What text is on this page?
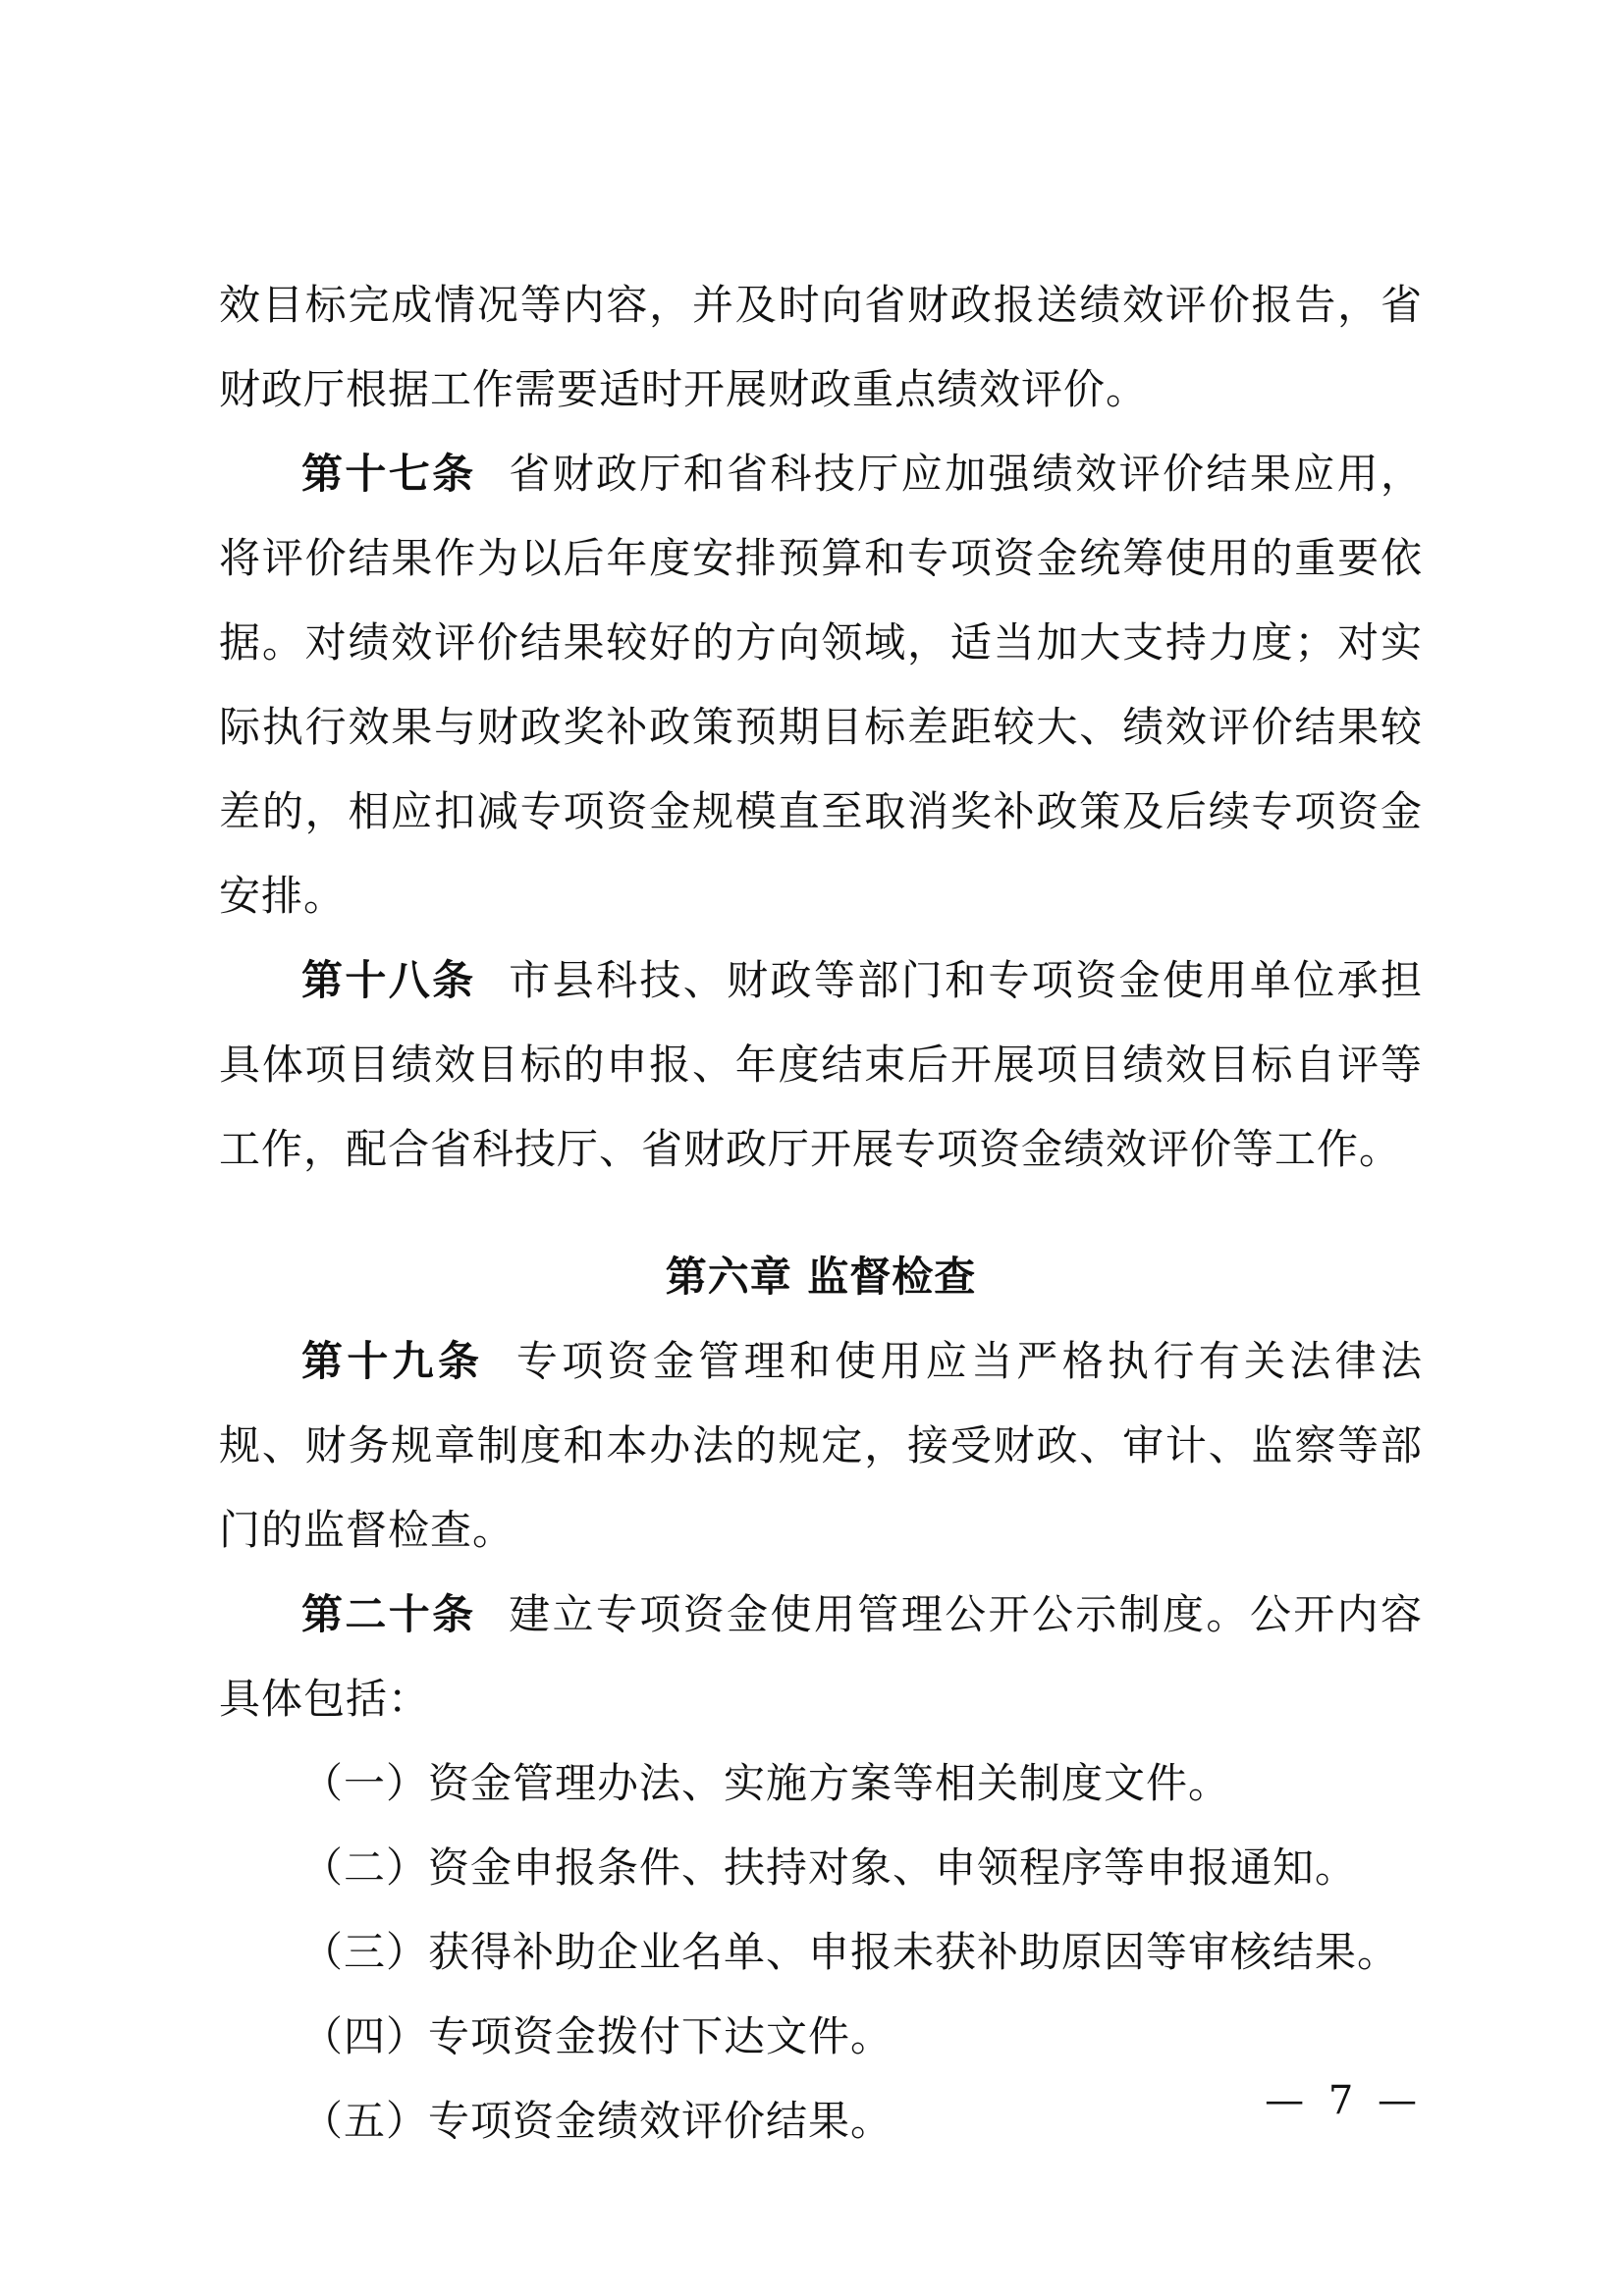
效目标完成情况等内容，并及时向省财政报送绩效评价报告，省财政厅根据工作需要适时开展财政重点绩效评价。

第十七条 省财政厅和省科技厅应加强绩效评价结果应用，将评价结果作为以后年度安排预算和专项资金统筹使用的重要依据。对绩效评价结果较好的方向领域，适当加大支持力度；对实际执行效果与财政奖补政策预期目标差距较大、绩效评价结果较差的，相应扣减专项资金规模直至取消奖补政策及后续专项资金安排。

第十八条 市县科技、财政等部门和专项资金使用单位承担具体项目绩效目标的申报、年度结束后开展项目绩效目标自评等工作，配合省科技厅、省财政厅开展专项资金绩效评价等工作。

第六章 监督检查

第十九条 专项资金管理和使用应当严格执行有关法律法规、财务规章制度和本办法的规定，接受财政、审计、监察等部门的监督检查。

第二十条 建立专项资金使用管理公开公示制度。公开内容具体包括：

（一）资金管理办法、实施方案等相关制度文件。

（二）资金申报条件、扶持对象、申领程序等申报通知。

（三）获得补助企业名单、申报未获补助原因等审核结果。

（四）专项资金拨付下达文件。

（五）专项资金绩效评价结果。	— 7 —
